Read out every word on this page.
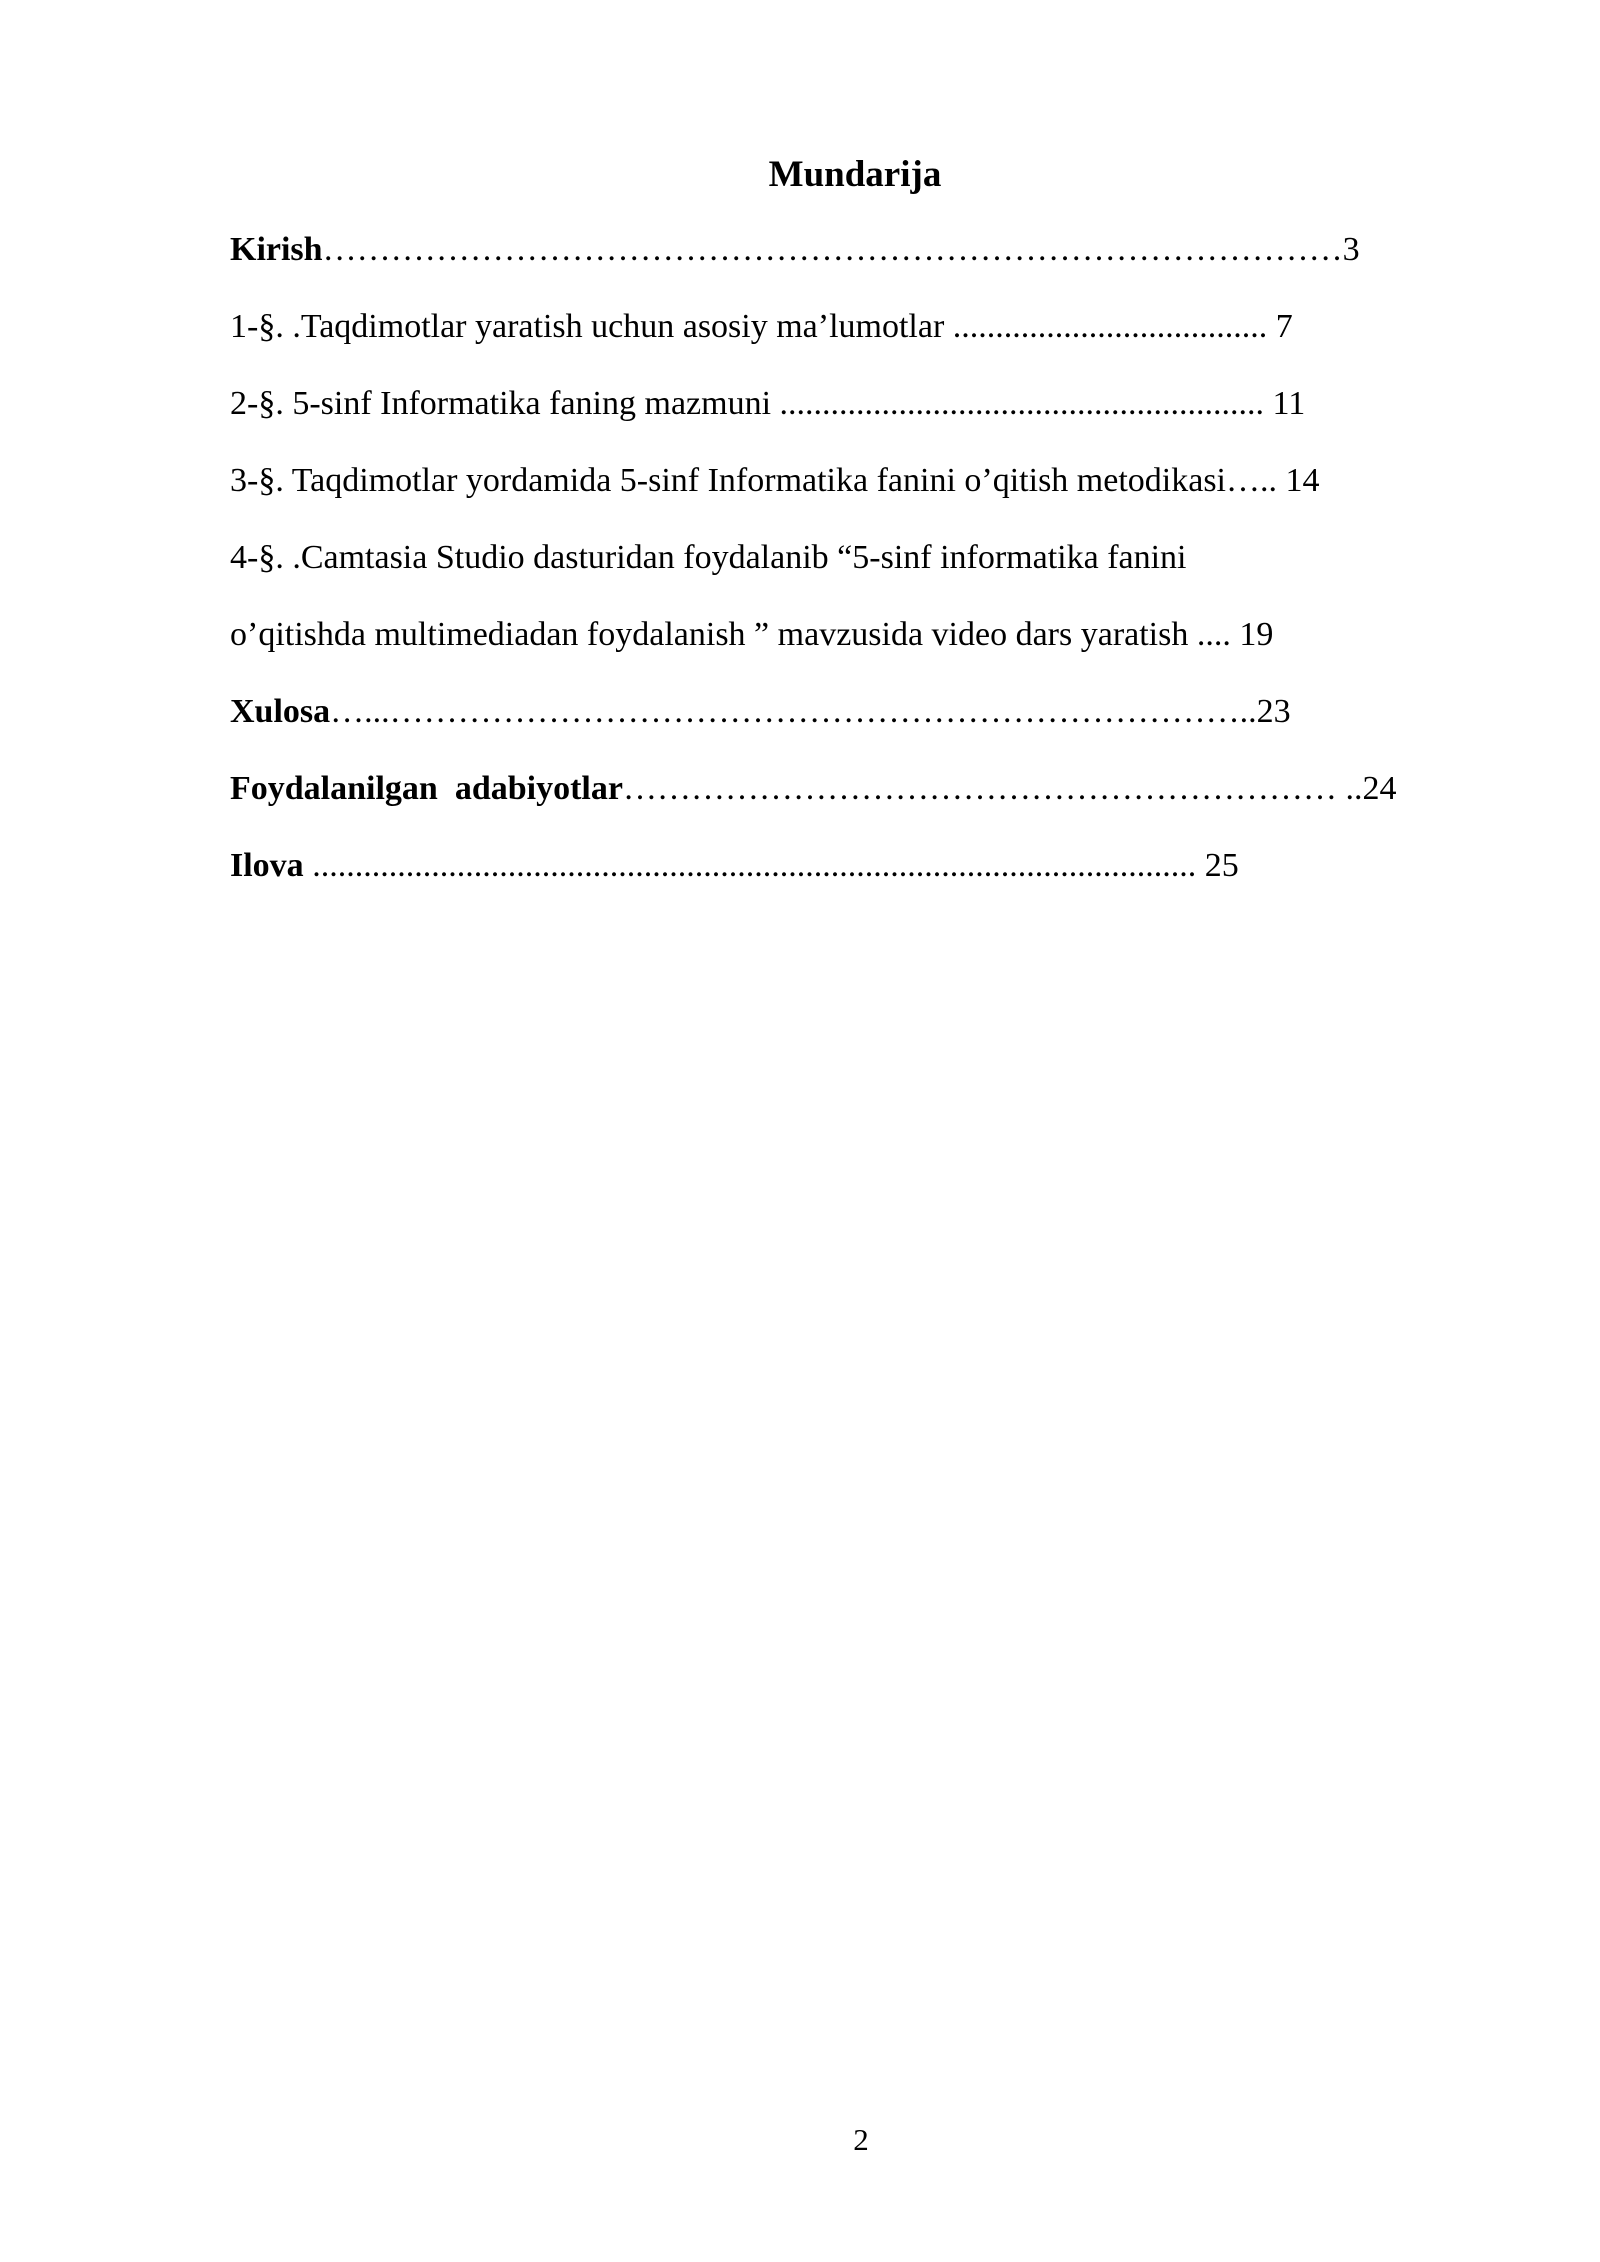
Mundarija

Kirish………………………………………………………………………………3

1-§. .Taqdimotlar yaratish uchun asosiy ma’lumotlar ..................................... 7

2-§. 5-sinf Informatika faning mazmuni ......................................................... 11

3-§. Taqdimotlar yordamida 5-sinf Informatika fanini o’qitish metodikasi….. 14

4-§. .Camtasia Studio dasturidan foydalanib “5-sinf informatika fanini

o’qitishda multimediadan foydalanish ” mavzusida video dars yaratish .... 19

Xulosa…...…………………………………………………………………..23

Foydalanilgan  adabiyotlar……………………………………………………… ..24

Ilova ........................................................................................................ 25

2
